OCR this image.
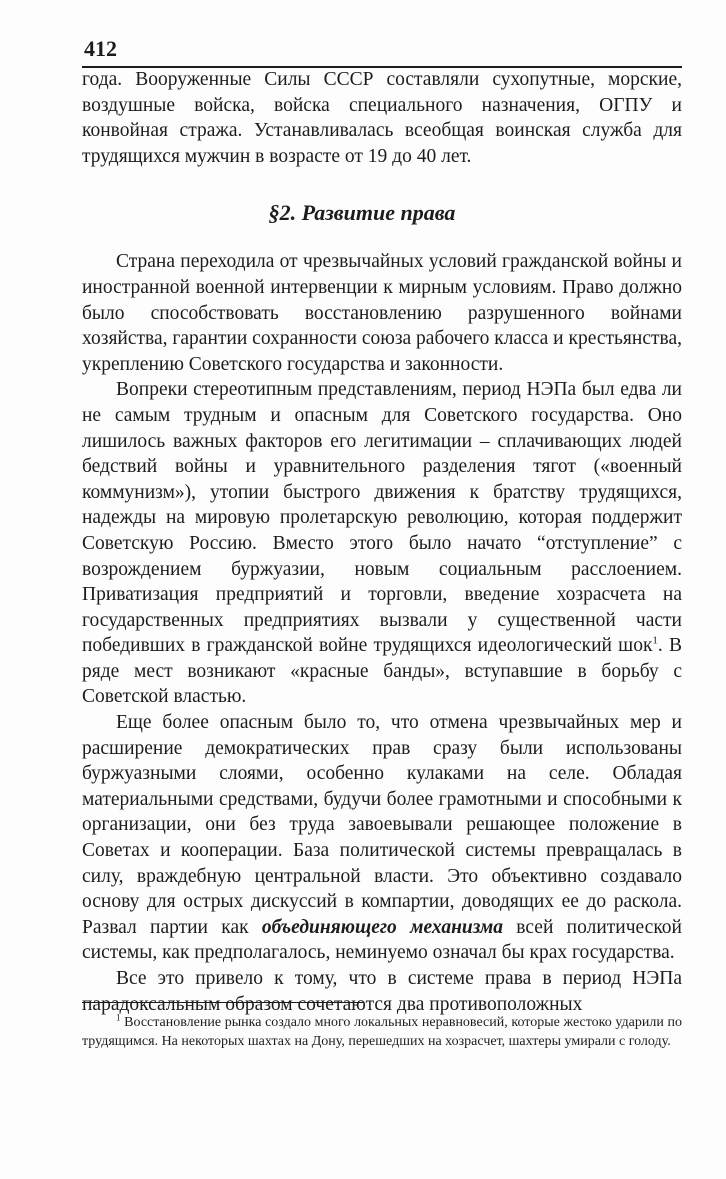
412

года. Вооруженные Силы СССР составляли сухопутные, морские, воздушные войска, войска специального назначения, ОГПУ и конвойная стража. Устанавливалась всеобщая воинская служба для трудящихся мужчин в возрасте от 19 до 40 лет.

§2. Развитие права

Страна переходила от чрезвычайных условий гражданской войны и иностранной военной интервенции к мирным условиям. Право должно было способствовать восстановлению разрушенного войнами хозяйства, гарантии сохранности союза рабочего класса и крестьянства, укреплению Советского государства и законности.

Вопреки стереотипным представлениям, период НЭПа был едва ли не самым трудным и опасным для Советского государства. Оно лишилось важных факторов его легитимации – сплачивающих людей бедствий войны и уравнительного разделения тягот («военный коммунизм»), утопии быстрого движения к братству трудящихся, надежды на мировую пролетарскую революцию, которая поддержит Советскую Россию. Вместо этого было начато “отступление” с возрождением буржуазии, новым социальным расслоением. Приватизация предприятий и торговли, введение хозрасчета на государственных предприятиях вызвали у существенной части победивших в гражданской войне трудящихся идеологический шок$^1$. В ряде мест возникают «красные банды», вступавшие в борьбу с Советской властью.

Еще более опасным было то, что отмена чрезвычайных мер и расширение демократических прав сразу были использованы буржуазными слоями, особенно кулаками на селе. Обладая материальными средствами, будучи более грамотными и способными к организации, они без труда завоевывали решающее положение в Советах и кооперации. База политической системы превращалась в силу, враждебную центральной власти. Это объективно создавало основу для острых дискуссий в компартии, доводящих ее до раскола. Развал партии как объединяющего механизма всей политической системы, как предполагалось, неминуемо означал бы крах государства.

Все это привело к тому, что в системе права в период НЭПа парадоксальным образом сочетаются два противоположных

$^1$ Восстановление рынка создало много локальных неравновесий, которые жестоко ударили по трудящимся. На некоторых шахтах на Дону, перешедших на хозрасчет, шахтеры умирали с голоду.
